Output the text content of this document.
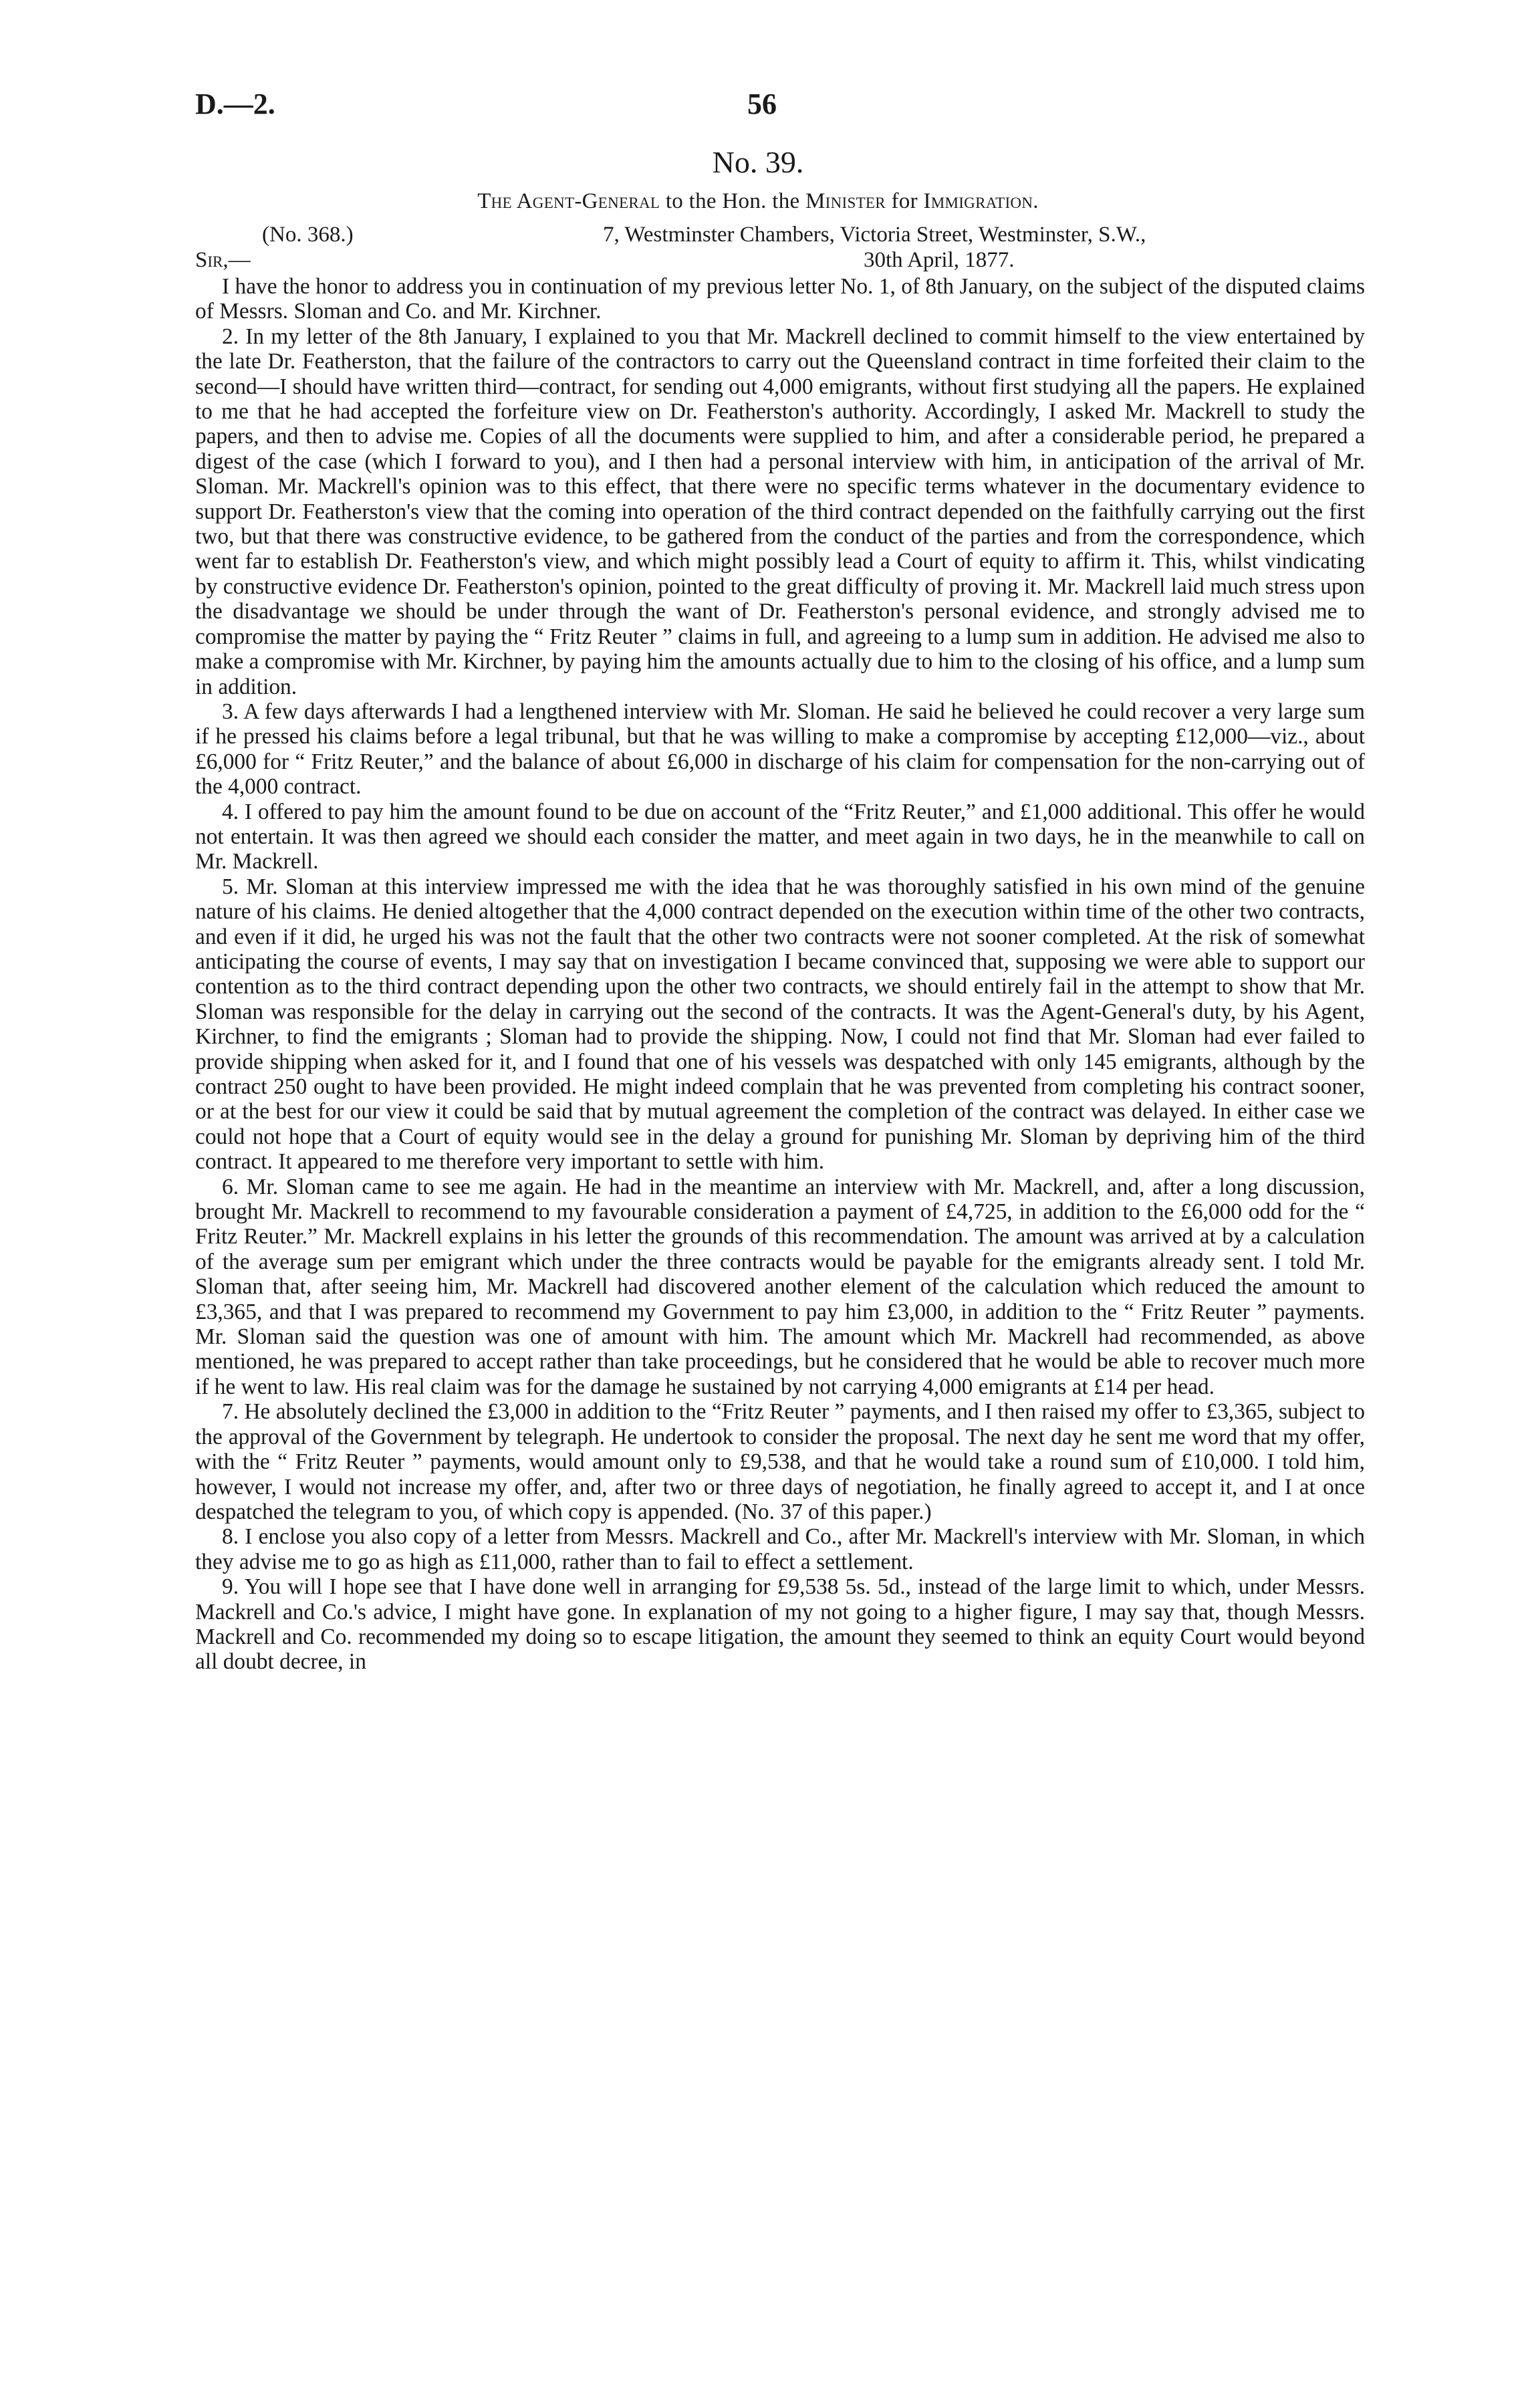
D.—2.	56
No. 39.
The Agent-General to the Hon. the Minister for Immigration.
(No. 368.)	7, Westminster Chambers, Victoria Street, Westminster, S.W.,
Sir,—	30th April, 1877.

I have the honor to address you in continuation of my previous letter No. 1, of 8th January, on the subject of the disputed claims of Messrs. Sloman and Co. and Mr. Kirchner.

2. In my letter of the 8th January, I explained to you that Mr. Mackrell declined to commit himself to the view entertained by the late Dr. Featherston, that the failure of the contractors to carry out the Queensland contract in time forfeited their claim to the second—I should have written third—contract, for sending out 4,000 emigrants, without first studying all the papers. He explained to me that he had accepted the forfeiture view on Dr. Featherston's authority. Accordingly, I asked Mr. Mackrell to study the papers, and then to advise me. Copies of all the documents were supplied to him, and after a considerable period, he prepared a digest of the case (which I forward to you), and I then had a personal interview with him, in anticipation of the arrival of Mr. Sloman. Mr. Mackrell's opinion was to this effect, that there were no specific terms whatever in the documentary evidence to support Dr. Featherston's view that the coming into operation of the third contract depended on the faithfully carrying out the first two, but that there was constructive evidence, to be gathered from the conduct of the parties and from the correspondence, which went far to establish Dr. Featherston's view, and which might possibly lead a Court of equity to affirm it. This, whilst vindicating by constructive evidence Dr. Featherston's opinion, pointed to the great difficulty of proving it. Mr. Mackrell laid much stress upon the disadvantage we should be under through the want of Dr. Featherston's personal evidence, and strongly advised me to compromise the matter by paying the “ Fritz Reuter ” claims in full, and agreeing to a lump sum in addition. He advised me also to make a compromise with Mr. Kirchner, by paying him the amounts actually due to him to the closing of his office, and a lump sum in addition.

3. A few days afterwards I had a lengthened interview with Mr. Sloman. He said he believed he could recover a very large sum if he pressed his claims before a legal tribunal, but that he was willing to make a compromise by accepting £12,000—viz., about £6,000 for “ Fritz Reuter,” and the balance of about £6,000 in discharge of his claim for compensation for the non-carrying out of the 4,000 contract.

4. I offered to pay him the amount found to be due on account of the “Fritz Reuter,” and £1,000 additional. This offer he would not entertain. It was then agreed we should each consider the matter, and meet again in two days, he in the meanwhile to call on Mr. Mackrell.

5. Mr. Sloman at this interview impressed me with the idea that he was thoroughly satisfied in his own mind of the genuine nature of his claims. He denied altogether that the 4,000 contract depended on the execution within time of the other two contracts, and even if it did, he urged his was not the fault that the other two contracts were not sooner completed. At the risk of somewhat anticipating the course of events, I may say that on investigation I became convinced that, supposing we were able to support our contention as to the third contract depending upon the other two contracts, we should entirely fail in the attempt to show that Mr. Sloman was responsible for the delay in carrying out the second of the contracts. It was the Agent-General's duty, by his Agent, Kirchner, to find the emigrants ; Sloman had to provide the shipping. Now, I could not find that Mr. Sloman had ever failed to provide shipping when asked for it, and I found that one of his vessels was despatched with only 145 emigrants, although by the contract 250 ought to have been provided. He might indeed complain that he was prevented from completing his contract sooner, or at the best for our view it could be said that by mutual agreement the completion of the contract was delayed. In either case we could not hope that a Court of equity would see in the delay a ground for punishing Mr. Sloman by depriving him of the third contract. It appeared to me therefore very important to settle with him.

6. Mr. Sloman came to see me again. He had in the meantime an interview with Mr. Mackrell, and, after a long discussion, brought Mr. Mackrell to recommend to my favourable consideration a payment of £4,725, in addition to the £6,000 odd for the “ Fritz Reuter.” Mr. Mackrell explains in his letter the grounds of this recommendation. The amount was arrived at by a calculation of the average sum per emigrant which under the three contracts would be payable for the emigrants already sent. I told Mr. Sloman that, after seeing him, Mr. Mackrell had discovered another element of the calculation which reduced the amount to £3,365, and that I was prepared to recommend my Government to pay him £3,000, in addition to the “ Fritz Reuter ” payments. Mr. Sloman said the question was one of amount with him. The amount which Mr. Mackrell had recommended, as above mentioned, he was prepared to accept rather than take proceedings, but he considered that he would be able to recover much more if he went to law. His real claim was for the damage he sustained by not carrying 4,000 emigrants at £14 per head.

7. He absolutely declined the £3,000 in addition to the “Fritz Reuter ” payments, and I then raised my offer to £3,365, subject to the approval of the Government by telegraph. He undertook to consider the proposal. The next day he sent me word that my offer, with the “ Fritz Reuter ” payments, would amount only to £9,538, and that he would take a round sum of £10,000. I told him, however, I would not increase my offer, and, after two or three days of negotiation, he finally agreed to accept it, and I at once despatched the telegram to you, of which copy is appended. (No. 37 of this paper.)

8. I enclose you also copy of a letter from Messrs. Mackrell and Co., after Mr. Mackrell's interview with Mr. Sloman, in which they advise me to go as high as £11,000, rather than to fail to effect a settlement.

9. You will I hope see that I have done well in arranging for £9,538 5s. 5d., instead of the large limit to which, under Messrs. Mackrell and Co.'s advice, I might have gone. In explanation of my not going to a higher figure, I may say that, though Messrs. Mackrell and Co. recommended my doing so to escape litigation, the amount they seemed to think an equity Court would beyond all doubt decree, in
